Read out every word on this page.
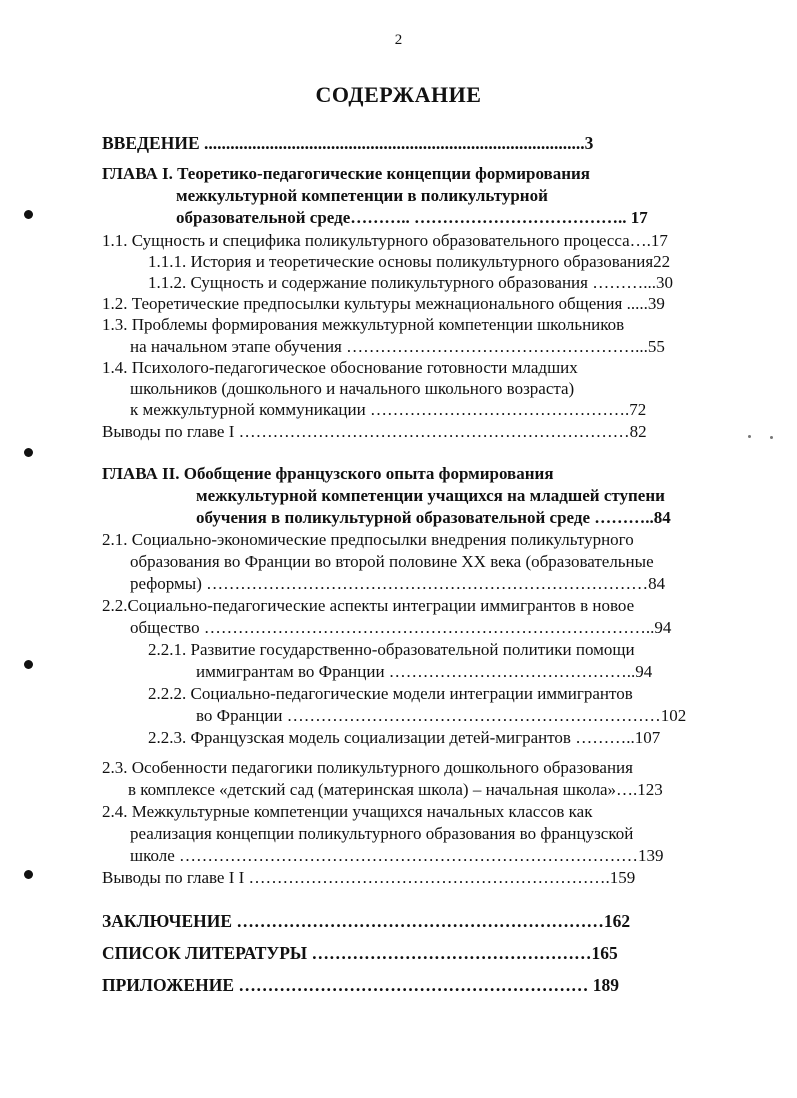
2
СОДЕРЖАНИЕ
ВВЕДЕНИЕ .......................................................................................3
ГЛАВА I. Теоретико-педагогические концепции формирования
межкультурной компетенции в поликультурной
образовательной среде……….. ……………………………….. 17
1.1. Сущность и специфика поликультурного образовательного процесса….17
1.1.1. История и теоретические основы поликультурного образования22
1.1.2. Сущность и содержание поликультурного образования ………...30
1.2. Теоретические предпосылки культуры межнационального общения .....39
1.3. Проблемы формирования межкультурной компетенции школьников
на начальном этапе обучения ……………………………………………...55
1.4. Психолого-педагогическое обоснование готовности младших
школьников (дошкольного и начального школьного возраста)
к межкультурной коммуникации ……………………………………….72
Выводы по главе I ……………………………………………………………82
ГЛАВА II. Обобщение французского опыта формирования
межкультурной компетенции учащихся на младшей ступени
обучения в поликультурной образовательной среде ………..84
2.1. Социально-экономические предпосылки внедрения поликультурного
образования во Франции во второй половине XX века (образовательные
реформы) ……………………………………………………………………84
2.2.Социально-педагогические аспекты интеграции иммигрантов в новое
общество ……………………………………………………………………..94
2.2.1. Развитие государственно-образовательной политики помощи
иммигрантам во Франции ……………………………………..94
2.2.2. Социально-педагогические модели интеграции иммигрантов
во Франции …………………………………………………………102
2.2.3. Французская модель социализации детей-мигрантов ………..107
2.3. Особенности педагогики поликультурного дошкольного образования
в комплексе «детский сад (материнская школа) – начальная школа»….123
2.4. Межкультурные компетенции учащихся начальных классов как
реализация концепции поликультурного образования во французской
школе ………………………………………………………………………139
Выводы по главе I I ……………………………………………………….159
ЗАКЛЮЧЕНИЕ ………………………………………………………162
СПИСОК ЛИТЕРАТУРЫ …………………………………………165
ПРИЛОЖЕНИЕ …………………………………………………… 189
